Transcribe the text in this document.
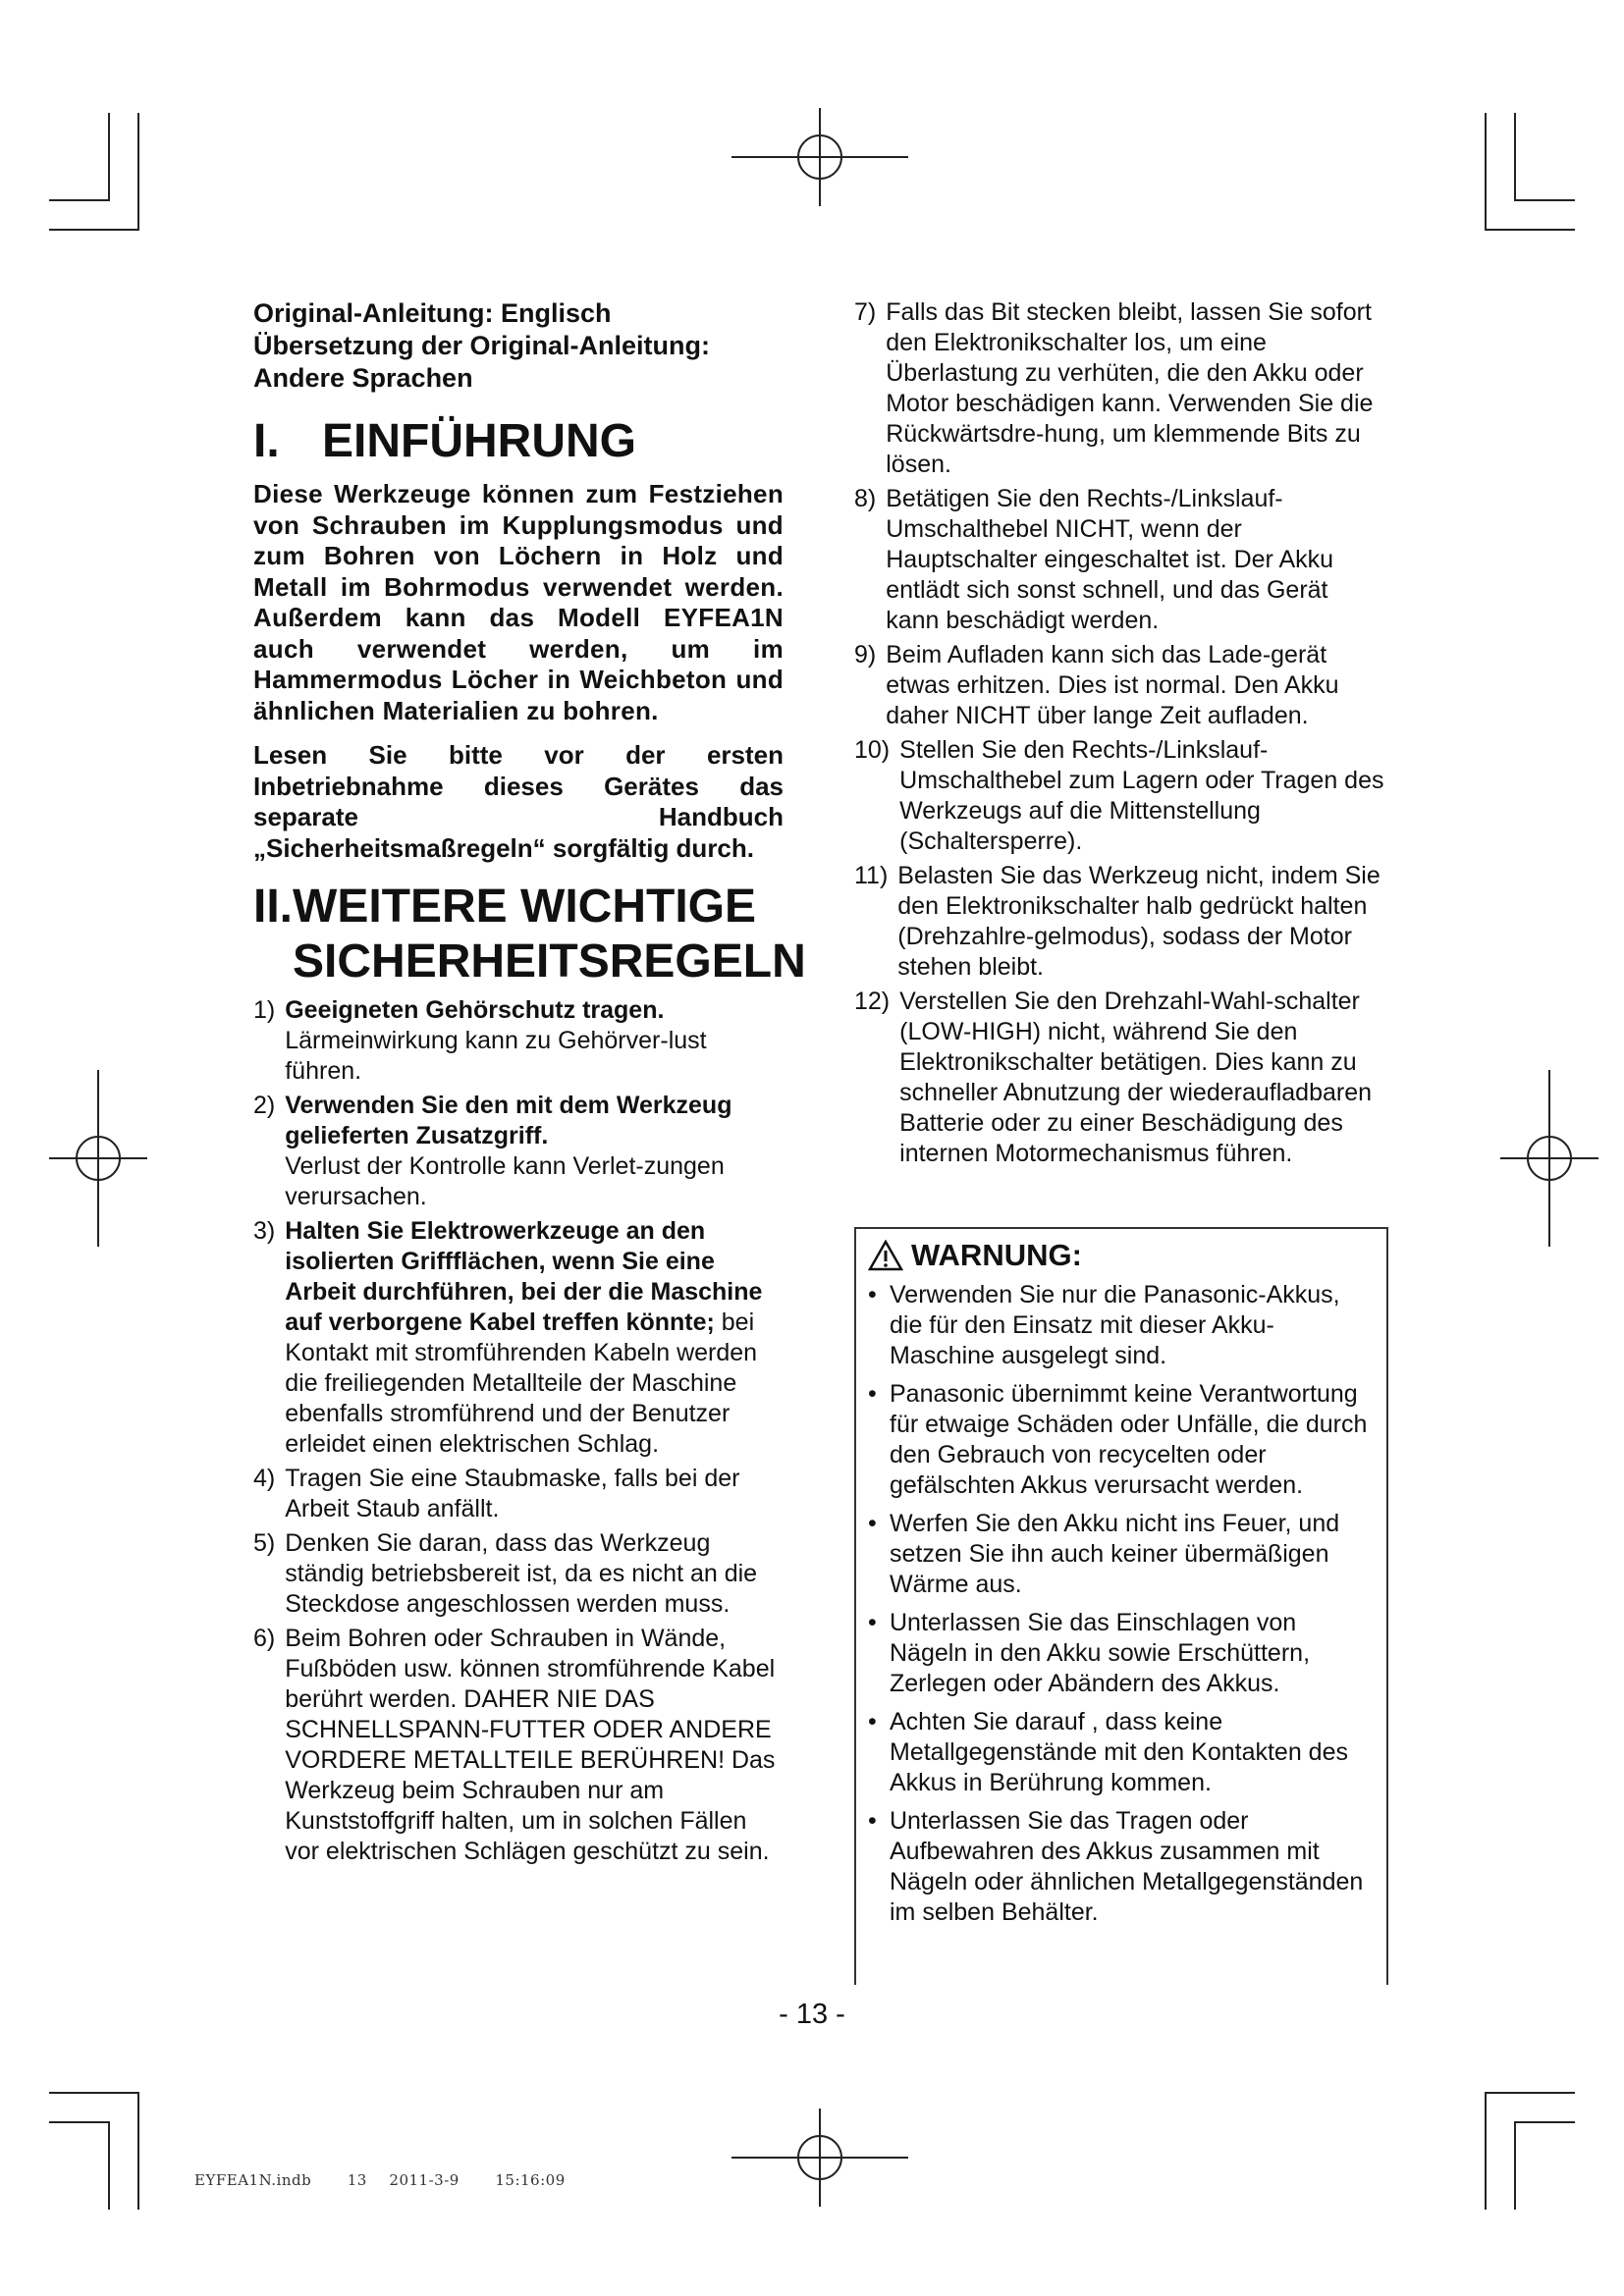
Original-Anleitung: Englisch
Übersetzung der Original-Anleitung:
Andere Sprachen
I. EINFÜHRUNG

Diese Werkzeuge können zum Festziehen von Schrauben im Kupplungsmodus und zum Bohren von Löchern in Holz und Metall im Bohrmodus verwendet werden. Außerdem kann das Modell EYFEA1N auch verwendet werden, um im Hammermodus Löcher in Weichbeton und ähnlichen Materialien zu bohren.

Lesen Sie bitte vor der ersten Inbetriebnahme dieses Gerätes das separate Handbuch „Sicherheitsmaßregeln“ sorgfältig durch.

II. WEITERE WICHTIGE
SICHERHEITSREGELN
1) Geeigneten Gehörschutz tragen.
Lärmeinwirkung kann zu Gehörver-lust führen.
2) Verwenden Sie den mit dem Werkzeug gelieferten Zusatzgriff.
Verlust der Kontrolle kann Verlet-zungen verursachen.
3) Halten Sie Elektrowerkzeuge an den isolierten Griffflächen, wenn Sie eine Arbeit durchführen, bei der die Maschine auf verborgene Kabel treffen könnte; bei Kontakt mit stromführenden Kabeln werden die freiliegenden Metallteile der Maschine ebenfalls stromführend und der Benutzer erleidet einen elektrischen Schlag.
4) Tragen Sie eine Staubmaske, falls bei der Arbeit Staub anfällt.
5) Denken Sie daran, dass das Werkzeug ständig betriebsbereit ist, da es nicht an die Steckdose angeschlossen werden muss.
6) Beim Bohren oder Schrauben in Wände, Fußböden usw. können stromführende Kabel berührt werden. DAHER NIE DAS SCHNELLSPANN-FUTTER ODER ANDERE VORDERE METALLTEILE BERÜHREN! Das Werkzeug beim Schrauben nur am Kunststoffgriff halten, um in solchen Fällen vor elektrischen Schlägen geschützt zu sein.
7) Falls das Bit stecken bleibt, lassen Sie sofort den Elektronikschalter los, um eine Überlastung zu verhüten, die den Akku oder Motor beschädigen kann. Verwenden Sie die Rückwärtsdre-hung, um klemmende Bits zu lösen.
8) Betätigen Sie den Rechts-/Linkslauf- Umschalthebel NICHT, wenn der Hauptschalter eingeschaltet ist. Der Akku entlädt sich sonst schnell, und das Gerät kann beschädigt werden.
9) Beim Aufladen kann sich das Lade-gerät etwas erhitzen. Dies ist normal. Den Akku daher NICHT über lange Zeit aufladen.
10) Stellen Sie den Rechts-/Linkslauf- Umschalthebel zum Lagern oder Tragen des Werkzeugs auf die Mittenstellung (Schaltersperre).
11) Belasten Sie das Werkzeug nicht, indem Sie den Elektronikschalter halb gedrückt halten (Drehzahlre-gelmodus), sodass der Motor stehen bleibt.
12) Verstellen Sie den Drehzahl-Wahl-schalter (LOW-HIGH) nicht, während Sie den Elektronikschalter betätigen. Dies kann zu schneller Abnutzung der wiederaufladbaren Batterie oder zu einer Beschädigung des internen Motormechanismus führen.
WARNUNG:
• Verwenden Sie nur die Panasonic-Akkus, die für den Einsatz mit dieser Akku-Maschine ausgelegt sind.
• Panasonic übernimmt keine Verantwortung für etwaige Schäden oder Unfälle, die durch den Gebrauch von recycelten oder gefälschten Akkus verursacht werden.
• Werfen Sie den Akku nicht ins Feuer, und setzen Sie ihn auch keiner übermäßigen Wärme aus.
• Unterlassen Sie das Einschlagen von Nägeln in den Akku sowie Erschüttern, Zerlegen oder Abändern des Akkus.
• Achten Sie darauf , dass keine Metallgegenstände mit den Kontakten des Akkus in Berührung kommen.
• Unterlassen Sie das Tragen oder Aufbewahren des Akkus zusammen mit Nägeln oder ähnlichen Metallgegenständen im selben Behälter.
- 13 -
EYFEA1N.indb 13 2011-3-9 15:16:09
